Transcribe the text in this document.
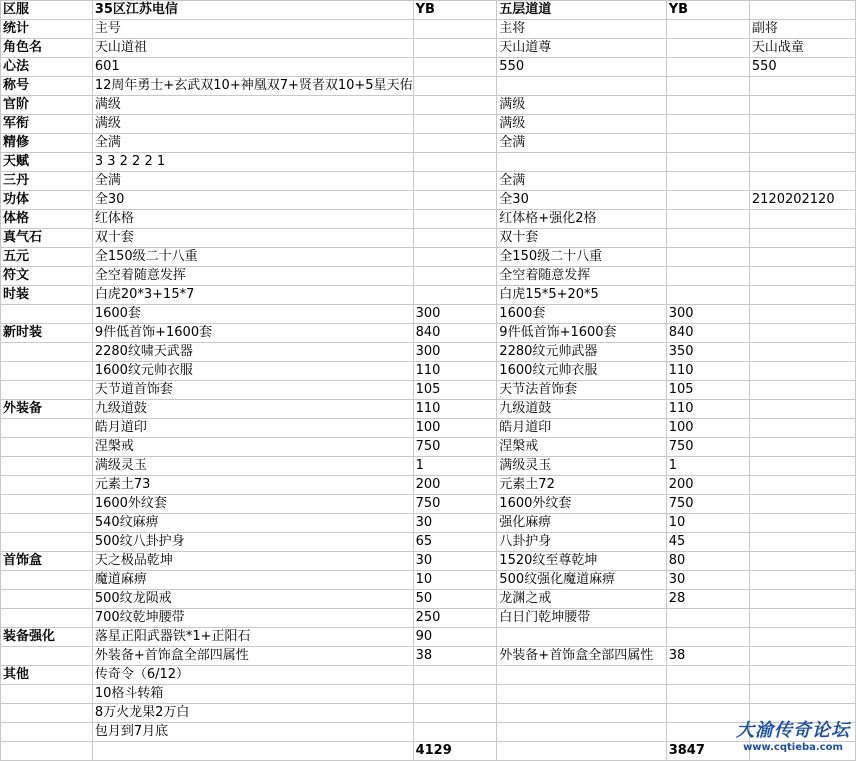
区服	35区江苏电信	YB	五层道道	YB	
统计	主号		主将		副将
角色名	天山道祖		天山道尊		天山战童
心法	601		550		550
称号	12周年勇士+玄武双10+神凰双7+贤者双10+5星天佑				
官阶	满级		满级		
军衔	满级		满级		
精修	全满		全满		
天赋	3 3 2 2 2 1				
三丹	全满		全满		
功体	全30		全30		2120202120
体格	红体格		红体格+强化2格		
真气石	双十套		双十套		
五元	全150级二十八重		全150级二十八重		
符文	全空着随意发挥		全空着随意发挥		
时装	白虎20*3+15*7		白虎15*5+20*5		
	1600套	300	1600套	300	
新时装	9件低首饰+1600套	840	9件低首饰+1600套	840	
	2280纹啸天武器	300	2280纹元帅武器	350	
	1600纹元帅衣服	110	1600纹元帅衣服	110	
	天节道首饰套	105	天节法首饰套	105	
外装备	九级道鼓	110	九级道鼓	110	
	皓月道印	100	皓月道印	100	
	涅槃戒	750	涅槃戒	750	
	满级灵玉	1	满级灵玉	1	
	元素土73	200	元素土72	200	
	1600外纹套	750	1600外纹套	750	
	540纹麻痹	30	强化麻痹	10	
	500纹八卦护身	65	八卦护身	45	
首饰盒	天之极品乾坤	30	1520纹至尊乾坤	80	
	魔道麻痹	10	500纹强化魔道麻痹	30	
	500纹龙陨戒	50	龙渊之戒	28	
	700纹乾坤腰带	250	白日门乾坤腰带		
装备强化	落星正阳武器铁*1+正阳石	90			
	外装备+首饰盒全部四属性	38	外装备+首饰盒全部四属性	38	
其他	传奇令（6/12）				
	10格斗转箱				
	8万火龙果2万白				
	包月到7月底				
		4129		3847	
大渝传奇论坛
www.cqtieba.com
